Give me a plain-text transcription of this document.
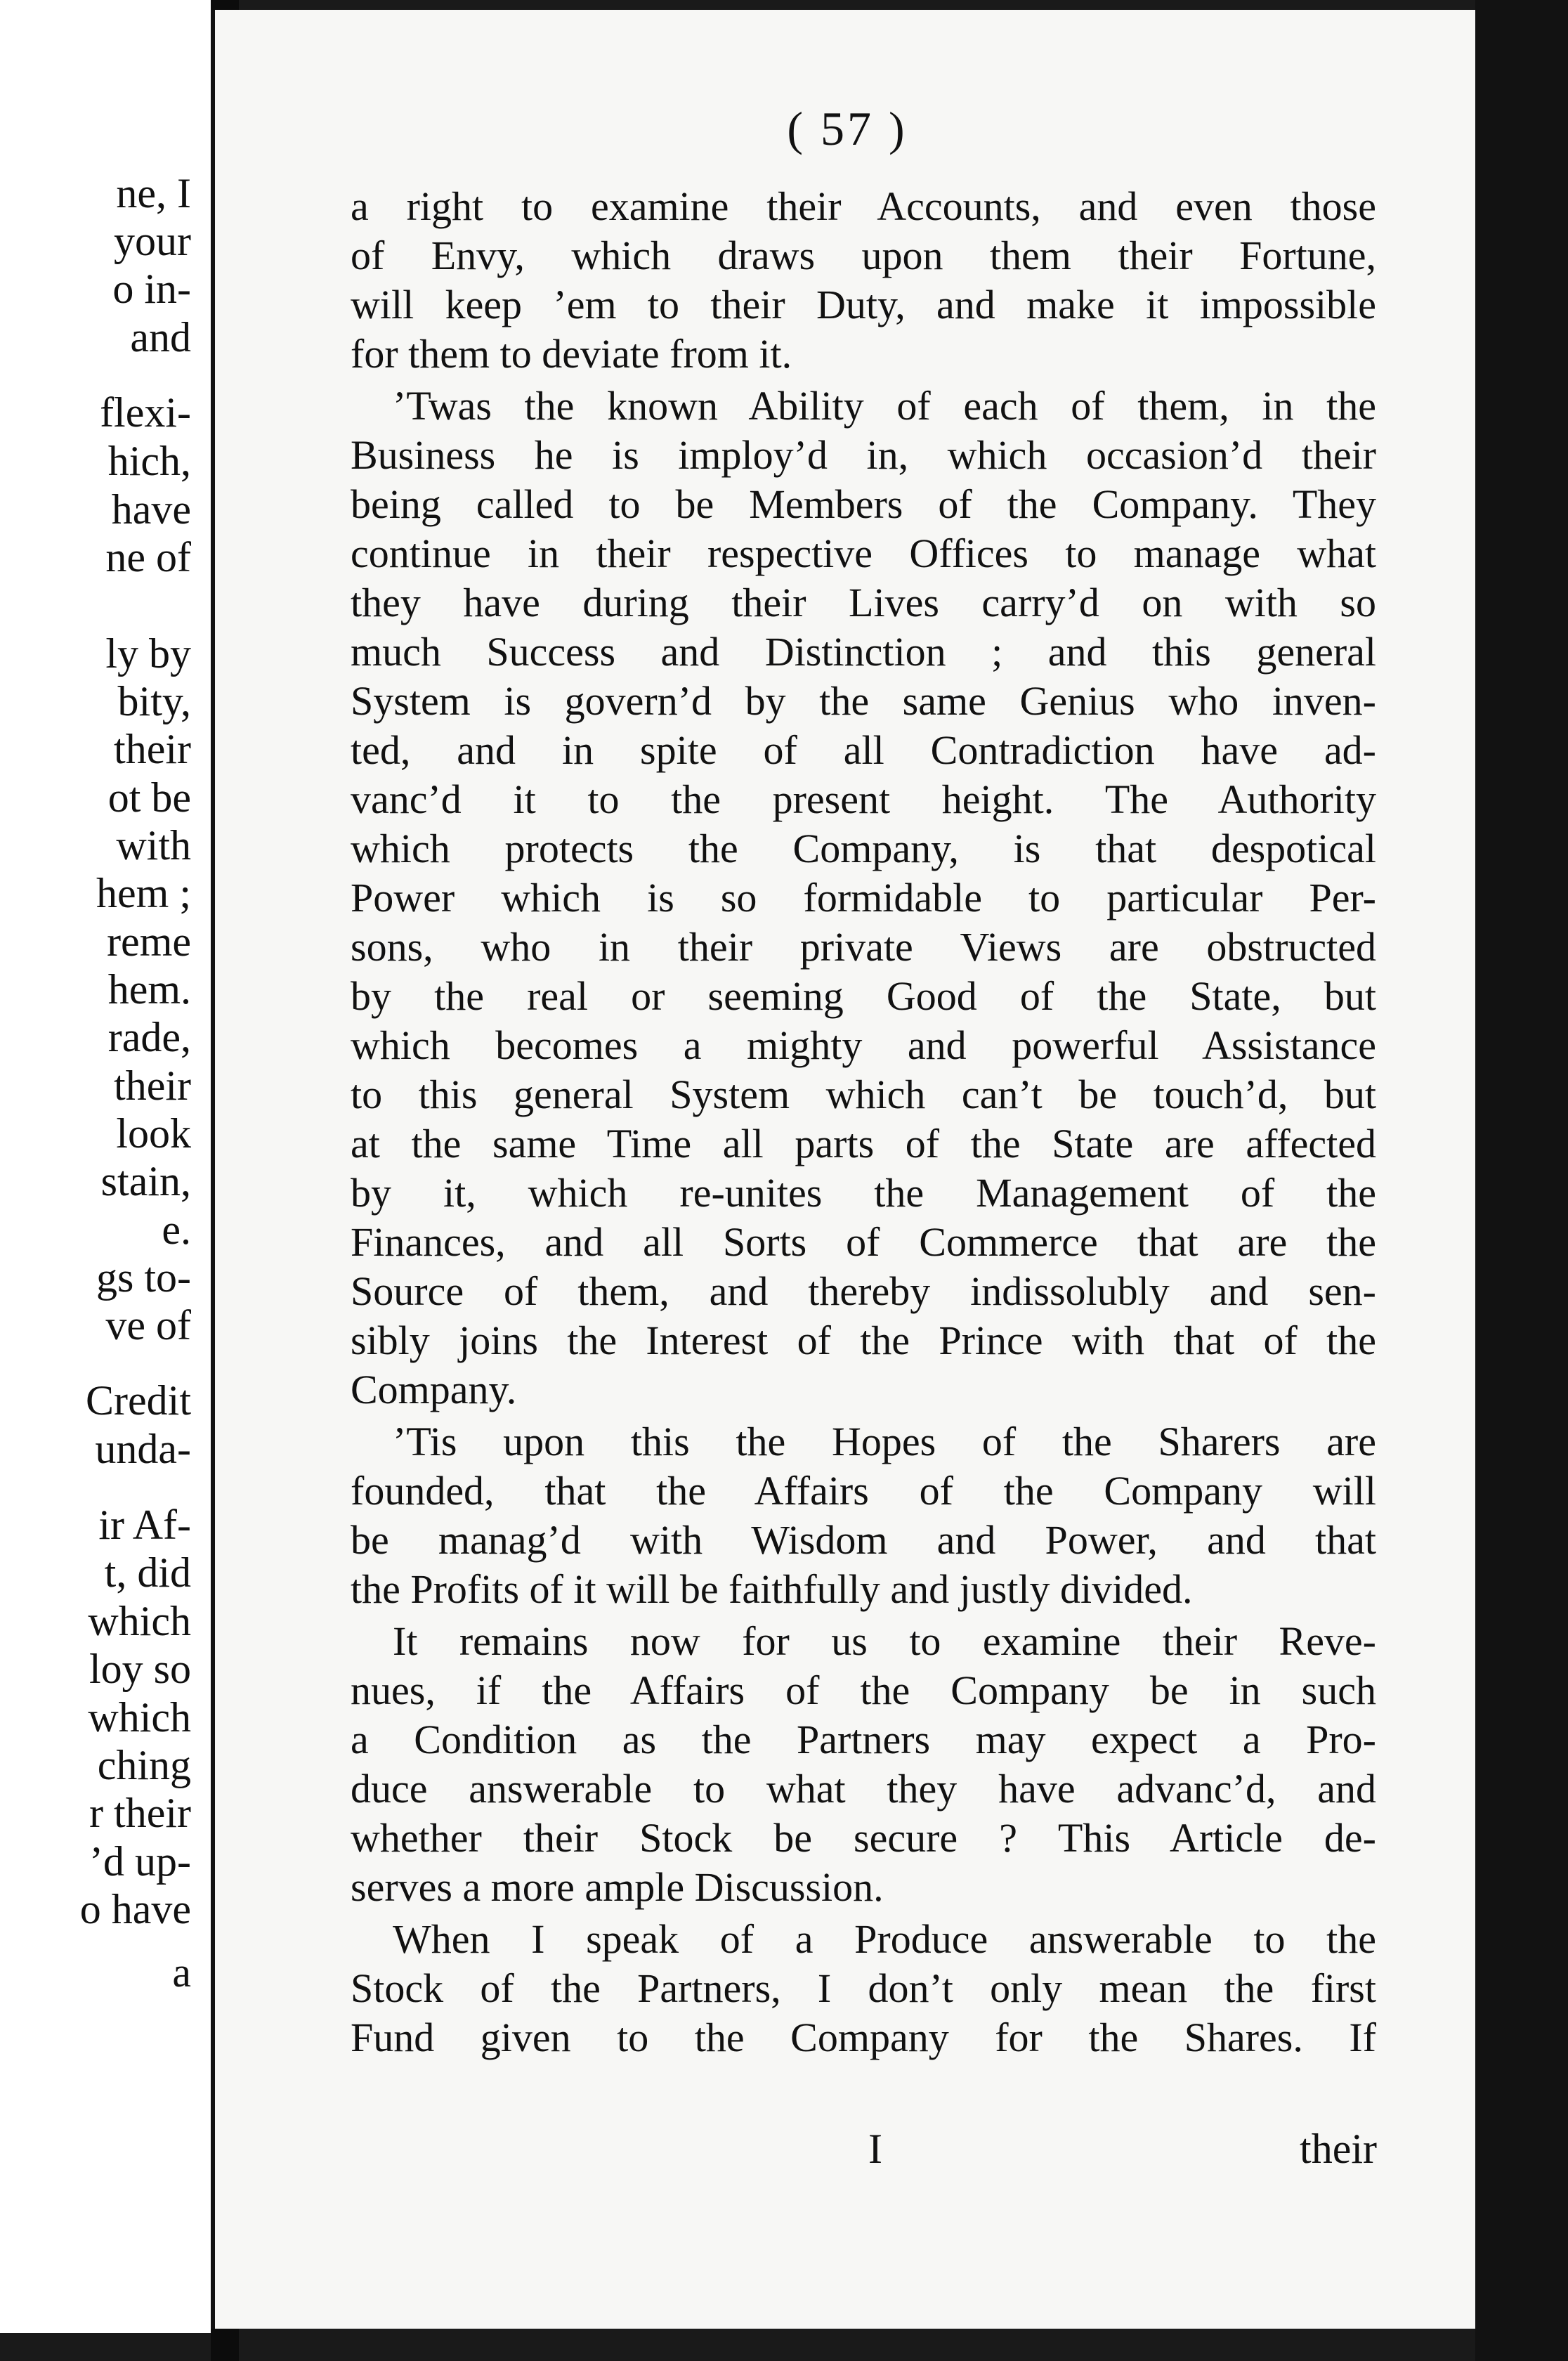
ne, I
your
o in-
and
flexi-
hich,
have
ne of
ly by
bity,
their
ot be
with
hem ;
reme
hem.
rade,
their
look
stain,
e.
gs to-
ve of
Credit
unda-
ir Af-
t, did
which
loy so
which
ching
r their
’d up-
o have
a
( 57 )
a right to examine their Accounts, and even those
of Envy, which draws upon them their Fortune,
will keep ’em to their Duty, and make it impossible
for them to deviate from it.
’Twas the known Ability of each of them, in the
Business he is imploy’d in, which occasion’d their
being called to be Members of the Company. They
continue in their respective Offices to manage what
they have during their Lives carry’d on with so
much Success and Distinction ; and this general
System is govern’d by the same Genius who inven-
ted, and in spite of all Contradiction have ad-
vanc’d it to the present height. The Authority
which protects the Company, is that despotical
Power which is so formidable to particular Per-
sons, who in their private Views are obstructed
by the real or seeming Good of the State, but
which becomes a mighty and powerful Assistance
to this general System which can’t be touch’d, but
at the same Time all parts of the State are affected
by it, which re-unites the Management of the
Finances, and all Sorts of Commerce that are the
Source of them, and thereby indissolubly and sen-
sibly joins the Interest of the Prince with that of the
Company.
’Tis upon this the Hopes of the Sharers are
founded, that the Affairs of the Company will
be manag’d with Wisdom and Power, and that
the Profits of it will be faithfully and justly divided.
It remains now for us to examine their Reve-
nues, if the Affairs of the Company be in such
a Condition as the Partners may expect a Pro-
duce answerable to what they have advanc’d, and
whether their Stock be secure ? This Article de-
serves a more ample Discussion.
When I speak of a Produce answerable to the
Stock of the Partners, I don’t only mean the first
Fund given to the Company for the Shares. If
I	their
